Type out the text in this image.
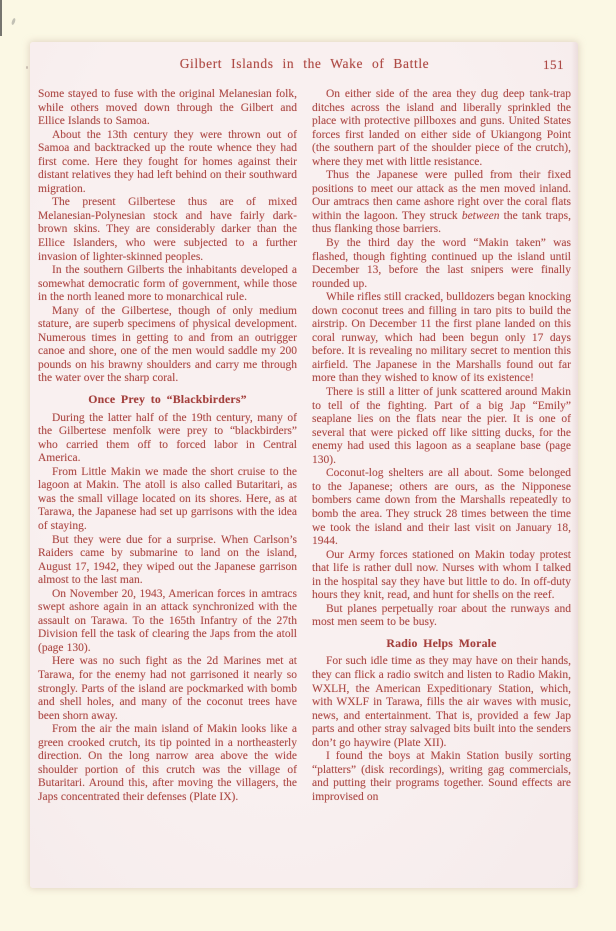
Gilbert Islands in the Wake of Battle	151

Some stayed to fuse with the original Melanesian folk, while others moved down through the Gilbert and Ellice Islands to Samoa.

About the 13th century they were thrown out of Samoa and backtracked up the route whence they had first come. Here they fought for homes against their distant relatives they had left behind on their southward migration.

The present Gilbertese thus are of mixed Melanesian-Polynesian stock and have fairly dark-brown skins. They are considerably darker than the Ellice Islanders, who were subjected to a further invasion of lighter-skinned peoples.

In the southern Gilberts the inhabitants developed a somewhat democratic form of government, while those in the north leaned more to monarchical rule.

Many of the Gilbertese, though of only medium stature, are superb specimens of physical development. Numerous times in getting to and from an outrigger canoe and shore, one of the men would saddle my 200 pounds on his brawny shoulders and carry me through the water over the sharp coral.

Once Prey to “Blackbirders”

During the latter half of the 19th century, many of the Gilbertese menfolk were prey to “blackbirders” who carried them off to forced labor in Central America.

From Little Makin we made the short cruise to the lagoon at Makin. The atoll is also called Butaritari, as was the small village located on its shores. Here, as at Tarawa, the Japanese had set up garrisons with the idea of staying.

But they were due for a surprise. When Carlson’s Raiders came by submarine to land on the island, August 17, 1942, they wiped out the Japanese garrison almost to the last man.

On November 20, 1943, American forces in amtracs swept ashore again in an attack synchronized with the assault on Tarawa. To the 165th Infantry of the 27th Division fell the task of clearing the Japs from the atoll (page 130).

Here was no such fight as the 2d Marines met at Tarawa, for the enemy had not garrisoned it nearly so strongly. Parts of the island are pockmarked with bomb and shell holes, and many of the coconut trees have been shorn away.

From the air the main island of Makin looks like a green crooked crutch, its tip pointed in a northeasterly direction. On the long narrow area above the wide shoulder portion of this crutch was the village of Butaritari. Around this, after moving the villagers, the Japs concentrated their defenses (Plate IX).

On either side of the area they dug deep tank-trap ditches across the island and liberally sprinkled the place with protective pillboxes and guns. United States forces first landed on either side of Ukiangong Point (the southern part of the shoulder piece of the crutch), where they met with little resistance.

Thus the Japanese were pulled from their fixed positions to meet our attack as the men moved inland. Our amtracs then came ashore right over the coral flats within the lagoon. They struck between the tank traps, thus flanking those barriers.

By the third day the word “Makin taken” was flashed, though fighting continued up the island until December 13, before the last snipers were finally rounded up.

While rifles still cracked, bulldozers began knocking down coconut trees and filling in taro pits to build the airstrip. On December 11 the first plane landed on this coral runway, which had been begun only 17 days before. It is revealing no military secret to mention this airfield. The Japanese in the Marshalls found out far more than they wished to know of its existence!

There is still a litter of junk scattered around Makin to tell of the fighting. Part of a big Jap “Emily” seaplane lies on the flats near the pier. It is one of several that were picked off like sitting ducks, for the enemy had used this lagoon as a seaplane base (page 130).

Coconut-log shelters are all about. Some belonged to the Japanese; others are ours, as the Nipponese bombers came down from the Marshalls repeatedly to bomb the area. They struck 28 times between the time we took the island and their last visit on January 18, 1944.

Our Army forces stationed on Makin today protest that life is rather dull now. Nurses with whom I talked in the hospital say they have but little to do. In off-duty hours they knit, read, and hunt for shells on the reef.

But planes perpetually roar about the runways and most men seem to be busy.

Radio Helps Morale

For such idle time as they may have on their hands, they can flick a radio switch and listen to Radio Makin, WXLH, the American Expeditionary Station, which, with WXLF in Tarawa, fills the air waves with music, news, and entertainment. That is, provided a few Jap parts and other stray salvaged bits built into the senders don’t go haywire (Plate XII).

I found the boys at Makin Station busily sorting “platters” (disk recordings), writing gag commercials, and putting their programs together. Sound effects are improvised on
